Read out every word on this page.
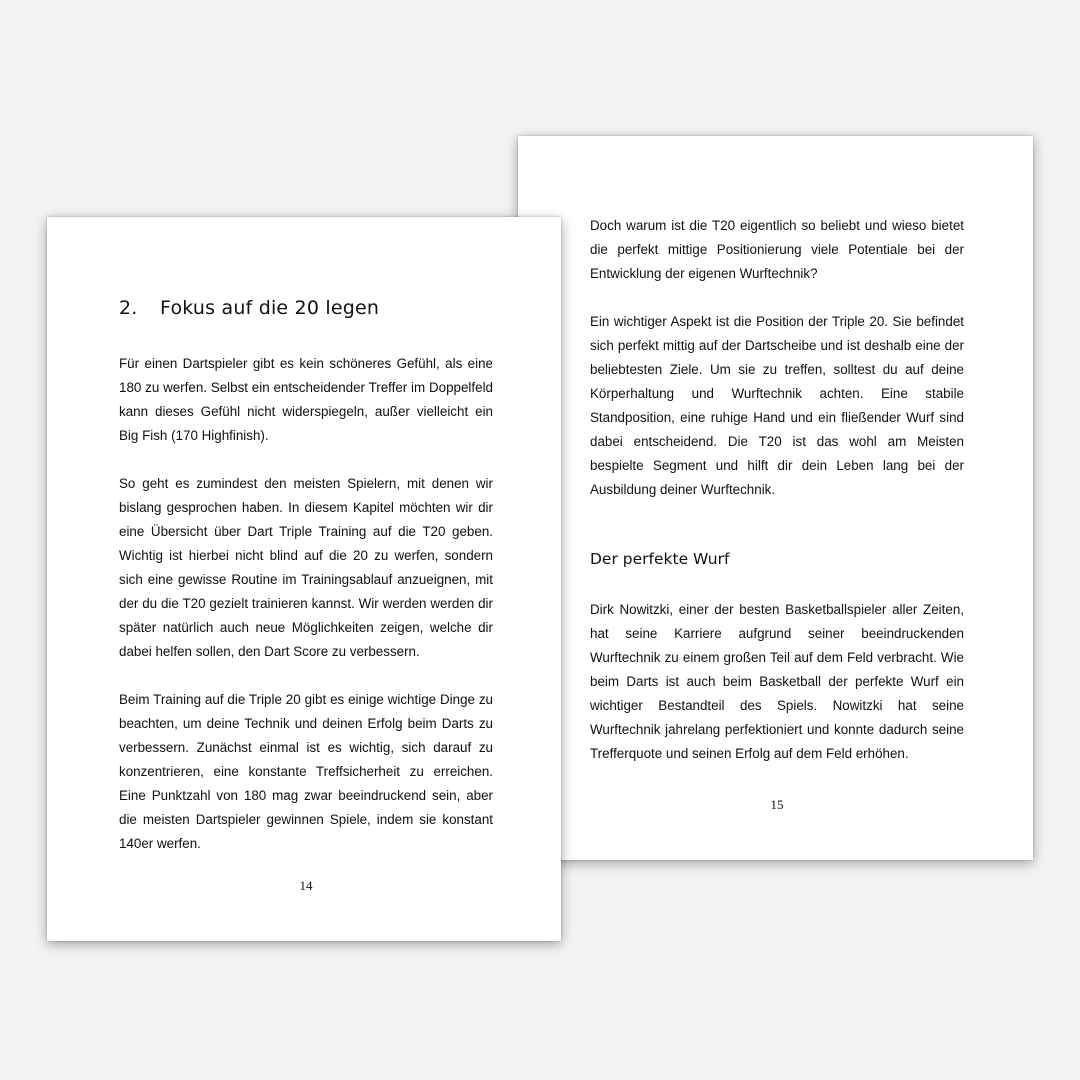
Doch warum ist die T20 eigentlich so beliebt und wieso bietet die perfekt mittige Positionierung viele Potentiale bei der Entwicklung der eigenen Wurftechnik?

Ein wichtiger Aspekt ist die Position der Triple 20. Sie befindet sich perfekt mittig auf der Dartscheibe und ist deshalb eine der beliebtesten Ziele. Um sie zu treffen, solltest du auf deine Körperhaltung und Wurftechnik achten. Eine stabile Standposition, eine ruhige Hand und ein fließender Wurf sind dabei entscheidend. Die T20 ist das wohl am Meisten bespielte Segment und hilft dir dein Leben lang bei der Ausbildung deiner Wurftechnik.

Der perfekte Wurf

Dirk Nowitzki, einer der besten Basketballspieler aller Zeiten, hat seine Karriere aufgrund seiner beeindruckenden Wurftechnik zu einem großen Teil auf dem Feld verbracht. Wie beim Darts ist auch beim Basketball der perfekte Wurf ein wichtiger Bestandteil des Spiels. Nowitzki hat seine Wurftechnik jahrelang perfektioniert und konnte dadurch seine Trefferquote und seinen Erfolg auf dem Feld erhöhen.

15
2. Fokus auf die 20 legen

Für einen Dartspieler gibt es kein schöneres Gefühl, als eine 180 zu werfen. Selbst ein entscheidender Treffer im Doppelfeld kann dieses Gefühl nicht widerspiegeln, außer vielleicht ein Big Fish (170 Highfinish).

So geht es zumindest den meisten Spielern, mit denen wir bislang gesprochen haben. In diesem Kapitel möchten wir dir eine Übersicht über Dart Triple Training auf die T20 geben. Wichtig ist hierbei nicht blind auf die 20 zu werfen, sondern sich eine gewisse Routine im Trainingsablauf anzueignen, mit der du die T20 gezielt trainieren kannst. Wir werden werden dir später natürlich auch neue Möglichkeiten zeigen, welche dir dabei helfen sollen, den Dart Score zu verbessern.

Beim Training auf die Triple 20 gibt es einige wichtige Dinge zu beachten, um deine Technik und deinen Erfolg beim Darts zu verbessern. Zunächst einmal ist es wichtig, sich darauf zu konzentrieren, eine konstante Treffsicherheit zu erreichen. Eine Punktzahl von 180 mag zwar beeindruckend sein, aber die meisten Dartspieler gewinnen Spiele, indem sie konstant 140er werfen.

14
